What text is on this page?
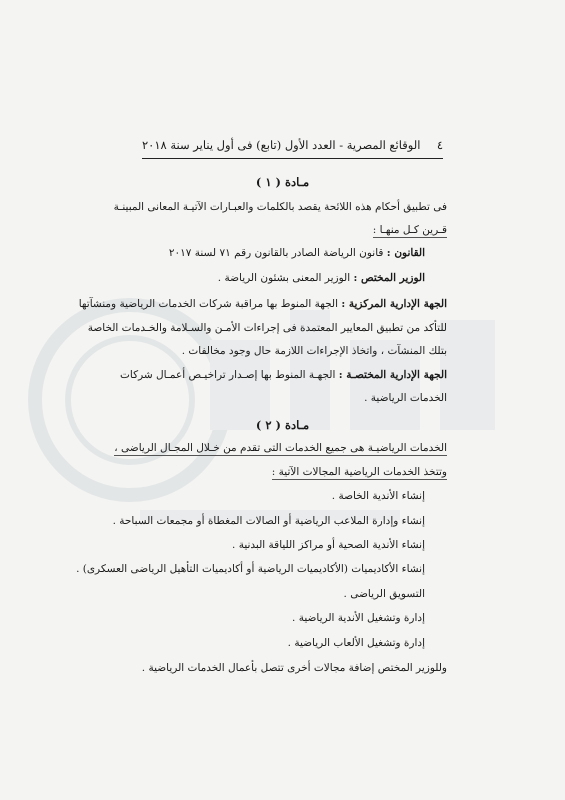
٤
الوقائع المصرية - العدد الأول (تابع) فى أول يناير سنة ٢٠١٨
مـادة ( ١ )
فى تطبيق أحكام هذه اللائحة يقصد بالكلمات والعبـارات الآتيـة المعانى المبينـة
قـرين كـل منهـا :
القانون : قانون الرياضة الصادر بالقانون رقم ٧١ لسنة ٢٠١٧
الوزير المختص : الوزير المعنى بشئون الرياضة .
الجهة الإدارية المركزية : الجهة المنوط بها مراقبة شركات الخدمات الرياضية ومنشآتها
للتأكد من تطبيق المعايير المعتمدة فى إجراءات الأمـن والسـلامة والخـدمات الخاصة
بتلك المنشآت ، واتخاذ الإجراءات اللازمة حال وجود مخالفات .
الجهة الإدارية المختصـة : الجهـة المنوط بها إصـدار تراخيـص أعمـال شركات
الخدمات الرياضية .
مـادة ( ٢ )
الخدمات الرياضيـة هى جميع الخدمات التى تقدم من خـلال المجـال الرياضى ،
وتتخذ الخدمات الرياضية المجالات الآتية :
إنشاء الأندية الخاصة .
إنشاء وإدارة الملاعب الرياضية أو الصالات المغطاة أو مجمعات السباحة .
إنشاء الأندية الصحية أو مراكز اللياقة البدنية .
إنشاء الأكاديميات (الأكاديميات الرياضية أو أكاديميات التأهيل الرياضى العسكرى) .
التسويق الرياضى .
إدارة وتشغيل الأندية الرياضية .
إدارة وتشغيل الألعاب الرياضية .
وللوزير المختص إضافة مجالات أخرى تتصل بأعمال الخدمات الرياضية .
